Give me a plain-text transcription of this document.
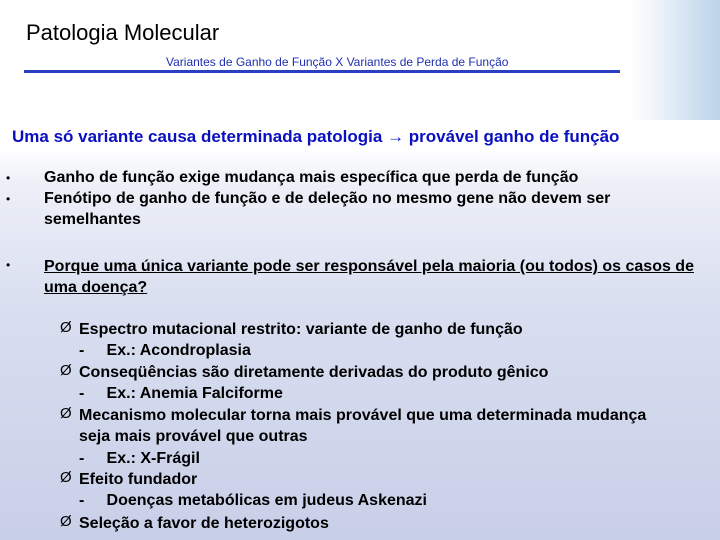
Patologia Molecular
Variantes de Ganho de Função X Variantes de Perda de Função
Uma só variante causa determinada patologia → provável ganho de função
• Ganho de função exige mudança mais específica que perda de função
• Fenótipo de ganho de função e de deleção no mesmo gene não devem ser semelhantes
• Porque uma única variante pode ser responsável pela maioria (ou todos) os casos de uma doença?
Ø Espectro mutacional restrito: variante de ganho de função
-     Ex.: Acondroplasia
Ø Conseqüências são diretamente derivadas do produto gênico
-     Ex.: Anemia Falciforme
Ø Mecanismo molecular torna mais provável que uma determinada mudança seja mais provável que outras
-     Ex.: X-Frágil
Ø Efeito fundador
-     Doenças metabólicas em judeus Askenazi
Ø Seleção a favor de heterozigotos
